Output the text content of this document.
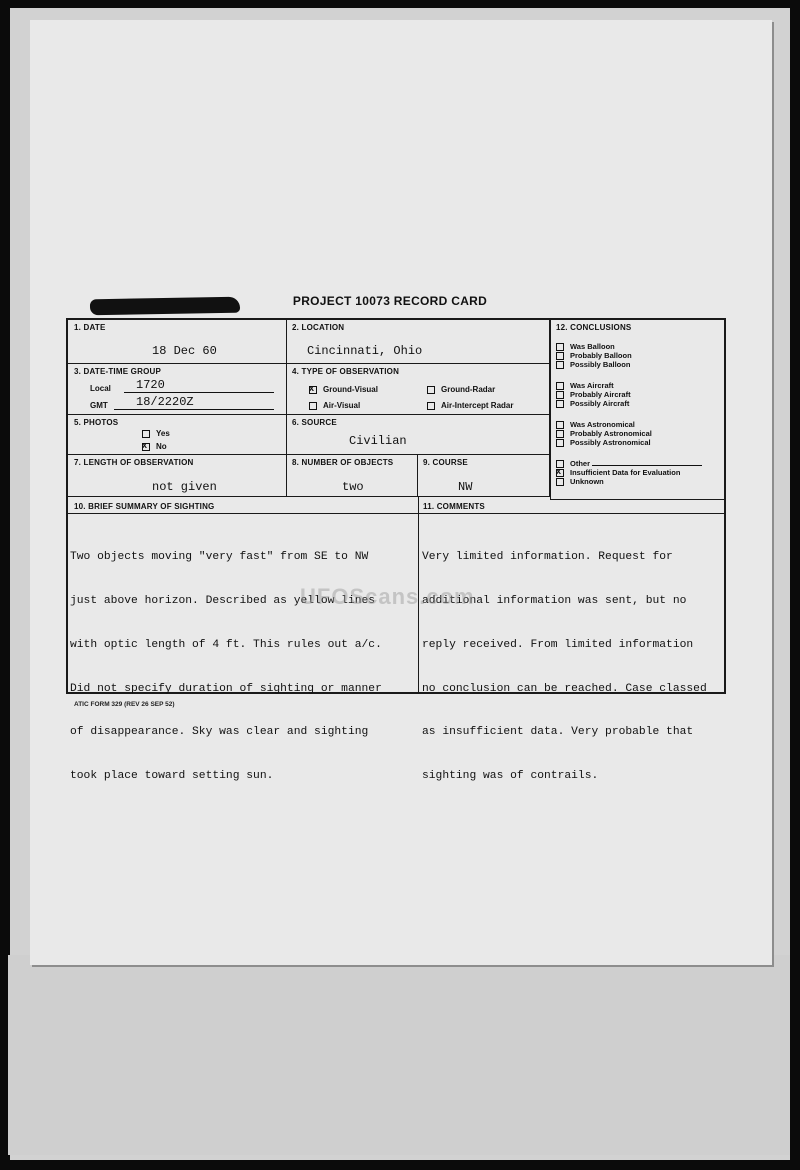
PROJECT 10073 RECORD CARD
1. DATE
18 Dec 60
2. LOCATION
Cincinnati, Ohio
3. DATE-TIME GROUP
Local 1720
GMT 18/2220Z
4. TYPE OF OBSERVATION
xGround-Visual	Ground-Radar
Air-Visual	Air-Intercept Radar
5. PHOTOS
Yes
xNo
6. SOURCE
Civilian
7. LENGTH OF OBSERVATION
not given
8. NUMBER OF OBJECTS
two
9. COURSE
NW
12. CONCLUSIONS
Was Balloon
Probably Balloon
Possibly Balloon
Was Aircraft
Probably Aircraft
Possibly Aircraft
Was Astronomical
Probably Astronomical
Possibly Astronomical
Other
xInsufficient Data for Evaluation
Unknown
10. BRIEF SUMMARY OF SIGHTING	11. COMMENTS

Two objects moving "very fast" from SE to NW

just above horizon. Described as yellow lines

with optic length of 4 ft. This rules out a/c.

Did not specify duration of sighting or manner

of disappearance. Sky was clear and sighting

took place toward setting sun.

Very limited information. Request for

additional information was sent, but no

reply received. From limited information

no conclusion can be reached. Case classed

as insufficient data. Very probable that

sighting was of contrails.

UFOScans.com
ATIC FORM 329 (REV 26 SEP 52)
